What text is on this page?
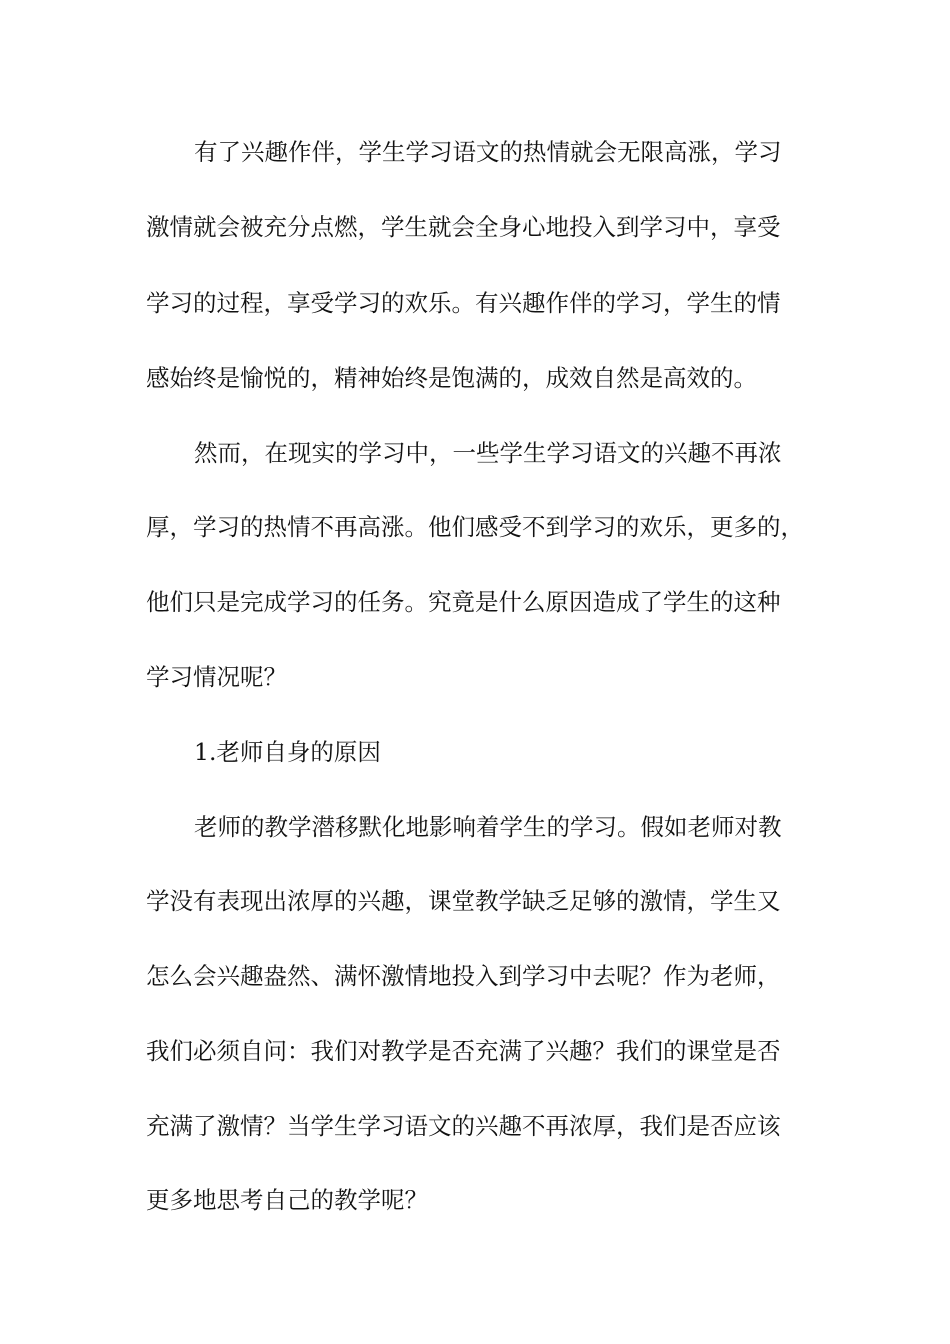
有了兴趣作伴，学生学习语文的热情就会无限高涨，学习
激情就会被充分点燃，学生就会全身心地投入到学习中，享受
学习的过程，享受学习的欢乐。有兴趣作伴的学习，学生的情
感始终是愉悦的，精神始终是饱满的，成效自然是高效的。
然而，在现实的学习中，一些学生学习语文的兴趣不再浓
厚，学习的热情不再高涨。他们感受不到学习的欢乐，更多的，
他们只是完成学习的任务。究竟是什么原因造成了学生的这种
学习情况呢？
1.老师自身的原因
老师的教学潜移默化地影响着学生的学习。假如老师对教
学没有表现出浓厚的兴趣，课堂教学缺乏足够的激情，学生又
怎么会兴趣盎然、满怀激情地投入到学习中去呢？作为老师，
我们必须自问：我们对教学是否充满了兴趣？我们的课堂是否
充满了激情？当学生学习语文的兴趣不再浓厚，我们是否应该
更多地思考自己的教学呢？
